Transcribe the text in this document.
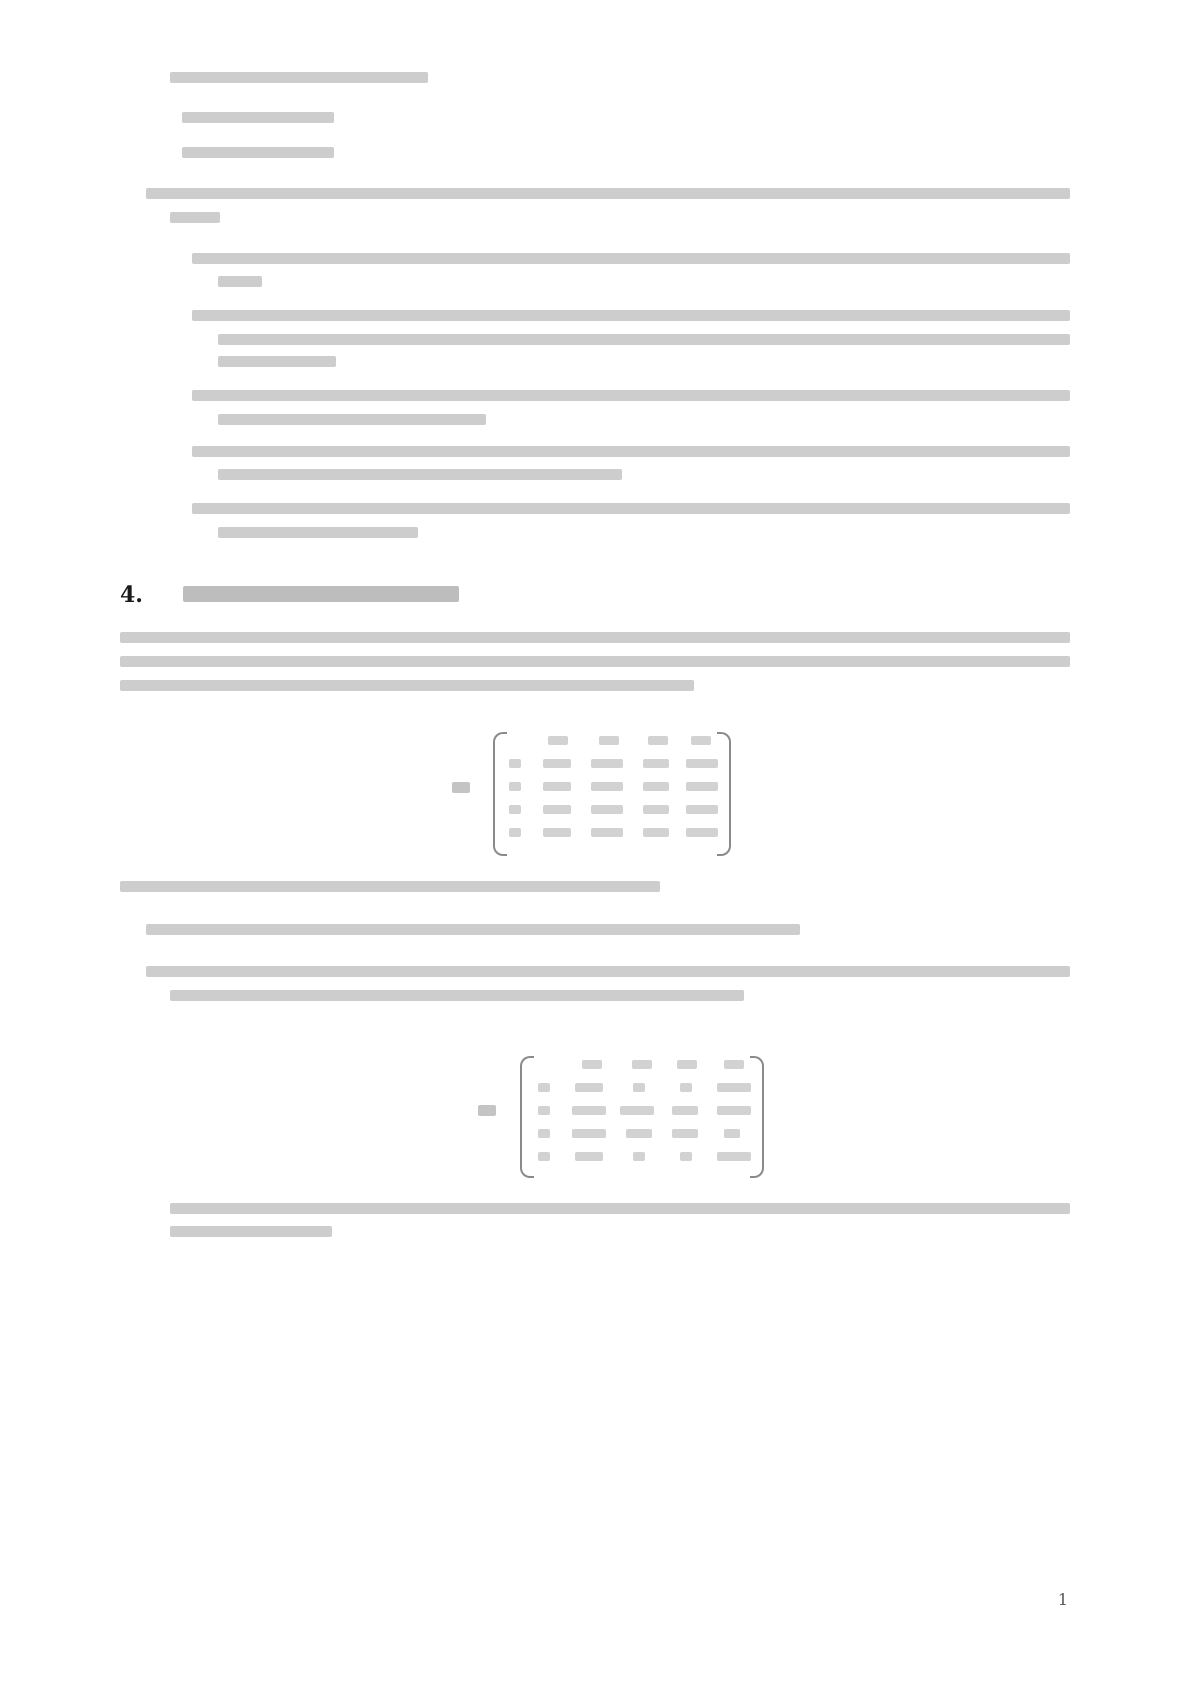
4.
1
